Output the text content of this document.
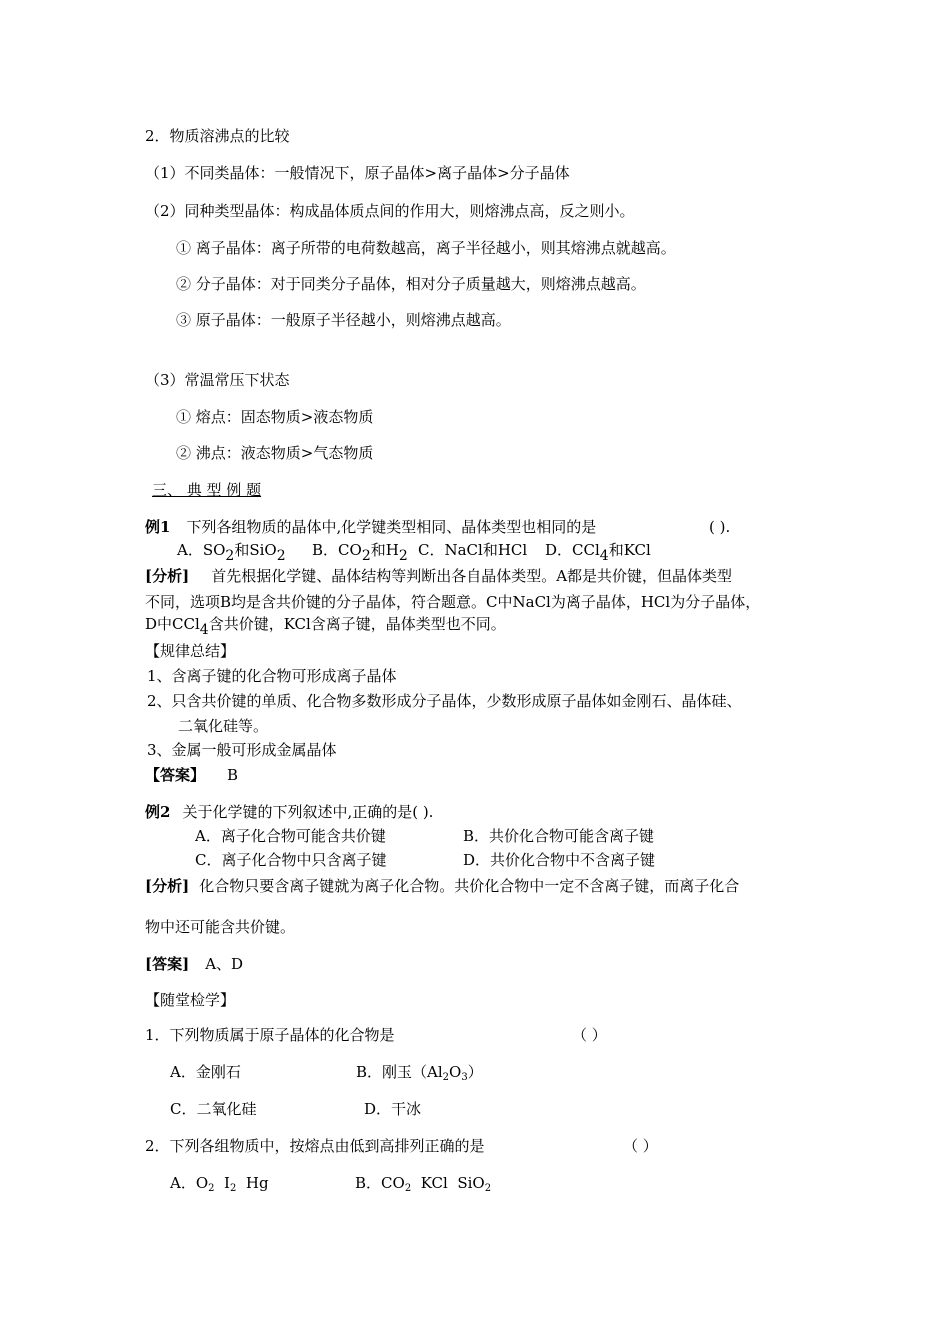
2．物质溶沸点的比较
（1）不同类晶体：一般情况下，原子晶体>离子晶体>分子晶体
（2）同种类型晶体：构成晶体质点间的作用大，则熔沸点高，反之则小。
① 离子晶体：离子所带的电荷数越高，离子半径越小，则其熔沸点就越高。
② 分子晶体：对于同类分子晶体，相对分子质量越大，则熔沸点越高。
③ 原子晶体：一般原子半径越小，则熔沸点越高。
（3）常温常压下状态
① 熔点：固态物质>液态物质
② 沸点：液态物质>气态物质
三、 典 型 例 题
例1 下列各组物质的晶体中,化学键类型相同、晶体类型也相同的是	( ).
A．$SO_2$和SiO$_2$ B．$CO_2$和$H_2$ C．NaCl和HCl D．CCl$_4$和KCl
[分析] 首先根据化学键、晶体结构等判断出各自晶体类型。A都是共价键，但晶体类型
不同，选项B均是含共价键的分子晶体，符合题意。C中NaCl为离子晶体，HCl为分子晶体，
D中CCl$_4$含共价键，KCl含离子键，晶体类型也不同。
【规律总结】
1、含离子键的化合物可形成离子晶体
2、只含共价键的单质、化合物多数形成分子晶体，少数形成原子晶体如金刚石、晶体硅、
二氧化硅等。
3、金属一般可形成金属晶体
【答案】 B
例2 关于化学键的下列叙述中,正确的是( ).
A．离子化合物可能含共价键	B．共价化合物可能含离子键
C．离子化合物中只含离子键	D．共价化合物中不含离子键
[分析] 化合物只要含离子键就为离子化合物。共价化合物中一定不含离子键，而离子化合
物中还可能含共价键。
[答案] A、D
【随堂检学】
1．下列物质属于原子晶体的化合物是	（ ）
A．金刚石	B．刚玉$(Al_2O_3)$
C．二氧化硅	D．干冰
2．下列各组物质中，按熔点由低到高排列正确的是	（ ）
A．$O_2$  $I_2$  Hg	B．$CO_2$  KCl  SiO$_2$
